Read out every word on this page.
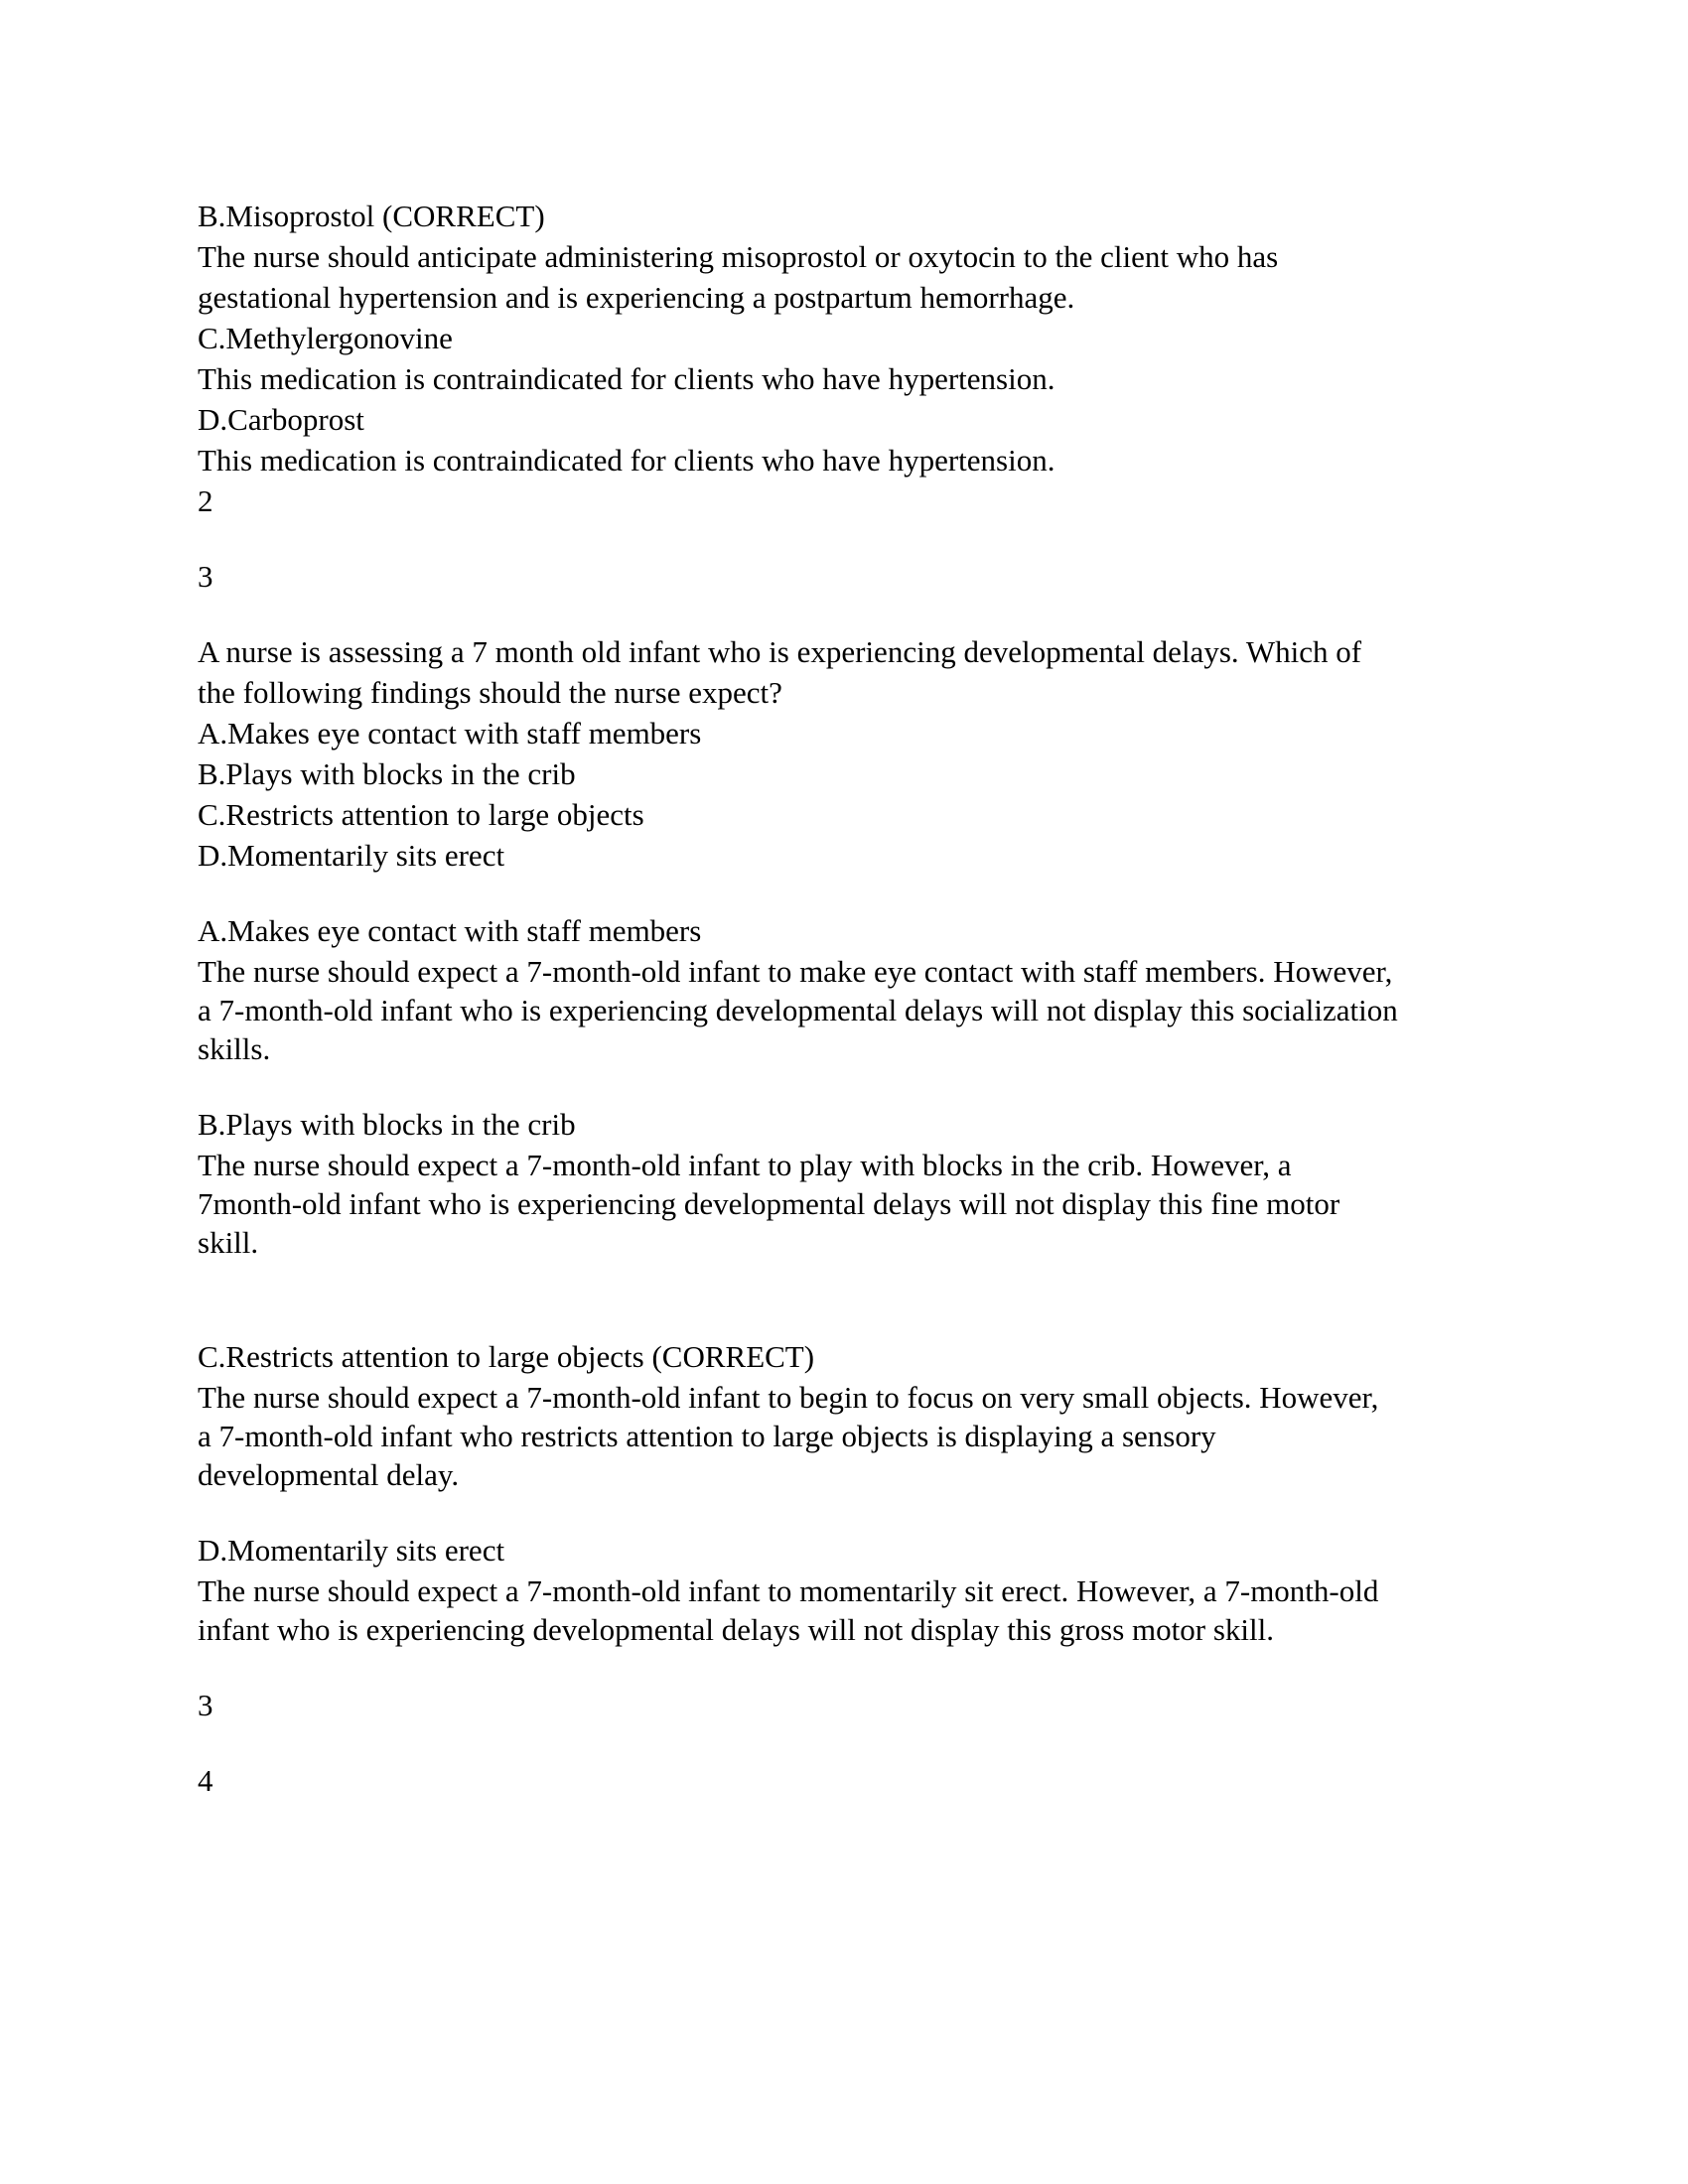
B.Misoprostol (CORRECT)

The nurse should anticipate administering misoprostol or oxytocin to the client who has

gestational hypertension and is experiencing a postpartum hemorrhage.

C.Methylergonovine

This medication is contraindicated for clients who have hypertension.

D.Carboprost

This medication is contraindicated for clients who have hypertension.

2

3

A nurse is assessing a 7 month old infant who is experiencing developmental delays. Which of

the following findings should the nurse expect?

A.Makes eye contact with staff members

B.Plays with blocks in the crib

C.Restricts attention to large objects

D.Momentarily sits erect

A.Makes eye contact with staff members

The nurse should expect a 7-month-old infant to make eye contact with staff members. However,

a 7-month-old infant who is experiencing developmental delays will not display this socialization

skills.

B.Plays with blocks in the crib

The nurse should expect a 7-month-old infant to play with blocks in the crib. However, a

7month-old infant who is experiencing developmental delays will not display this fine motor

skill.

C.Restricts attention to large objects (CORRECT)

The nurse should expect a 7-month-old infant to begin to focus on very small objects. However,

a 7-month-old infant who restricts attention to large objects is displaying a sensory

developmental delay.

D.Momentarily sits erect

The nurse should expect a 7-month-old infant to momentarily sit erect. However, a 7-month-old

infant who is experiencing developmental delays will not display this gross motor skill.

3

4
